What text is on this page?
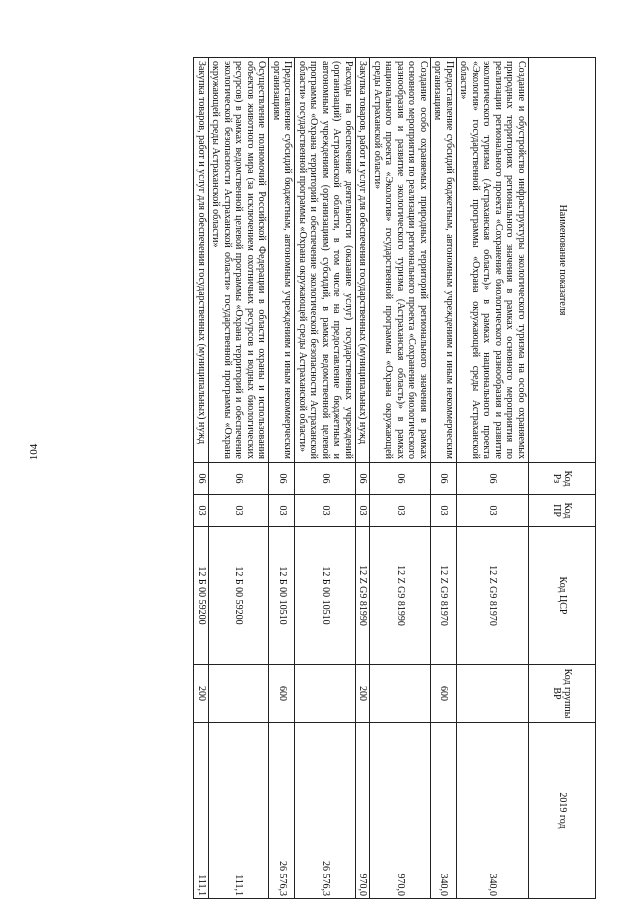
104
Наименование показателя	Код Рз	Код ПР	Код ЦСР	Код группы ВР	2019 год
Создание и обустройство инфраструктуры экологического туризма на особо охраняемых природных территориях регионального значения в рамках основного мероприятия по реализации регионального проекта «Сохранение биологического разнообразия и развитие экологического туризма (Астраханская область)» в рамках национального проекта «Экология» государственной программы «Охрана окружающей среды Астраханской области»	06	03	12 Z G9 81970		340,0
Предоставление субсидий бюджетным, автономным учреждениям и иным некоммерческим организациям	06	03	12 Z G9 81970	600	340,0
Создание особо охраняемых природных территорий регионального значения в рамках основного мероприятия по реализации регионального проекта «Сохранение биологического разнообразия и развитие экологического туризма (Астраханская область)» в рамках национального проекта «Экология» государственной программы «Охрана окружающей среды Астраханской области»	06	03	12 Z G9 81990		970,0
Закупка товаров, работ и услуг для обеспечения государственных (муниципальных) нужд	06	03	12 Z G9 81990	200	970,0
Расходы на обеспечение деятельности (оказание услуг) государственных учреждений (организаций) Астраханской области, в том числе на предоставление бюджетным и автономным учреждениям (организациям) субсидий, в рамках ведомственной целевой программы «Охрана территорий и обеспечение экологической безопасности Астраханской области» государственной программы «Охрана окружающей среды Астраханской области»	06	03	12 Б 00 10510		26 576,3
Предоставление субсидий бюджетным, автономным учреждениям и иным некоммерческим организациям	06	03	12 Б 00 10510	600	26 576,3
Осуществление полномочий Российской Федерации в области охраны и использования объектов животного мира (за исключением охотничьих ресурсов и водных биологических ресурсов) в рамках ведомственной целевой программы «Охрана территорий и обеспечение экологической безопасности Астраханской области» государственной программы «Охрана окружающей среды Астраханской области»	06	03	12 Б 00 59200		111,1
Закупка товаров, работ и услуг для обеспечения государственных (муниципальных) нужд	06	03	12 Б 00 59200	200	111,1
